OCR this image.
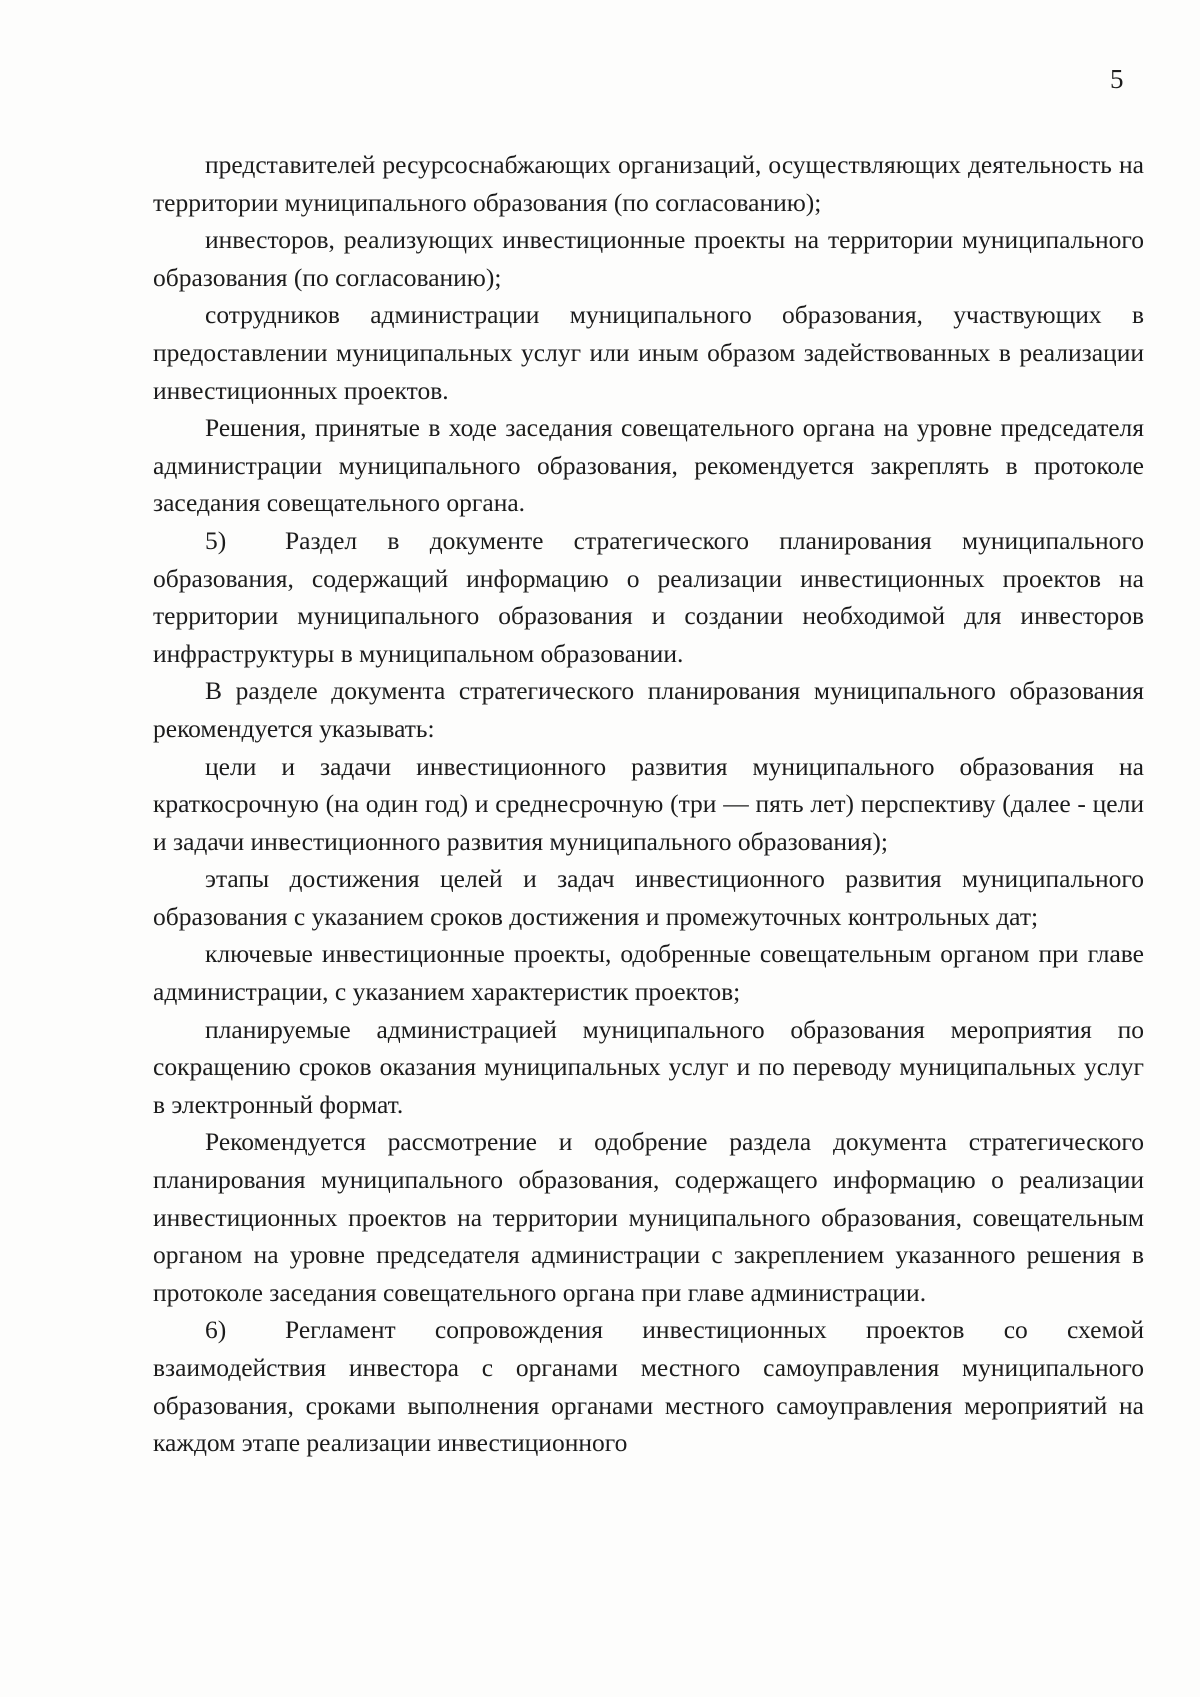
5

представителей ресурсоснабжающих организаций, осуществляющих деятельность на территории муниципального образования (по согласованию);

инвесторов, реализующих инвестиционные проекты на территории муниципального образования (по согласованию);

сотрудников администрации муниципального образования, участвующих в предоставлении муниципальных услуг или иным образом задействованных в реализации инвестиционных проектов.

Решения, принятые в ходе заседания совещательного органа на уровне председателя администрации муниципального образования, рекомендуется закреплять в протоколе заседания совещательного органа.

5) Раздел в документе стратегического планирования муниципального образования, содержащий информацию о реализации инвестиционных проектов на территории муниципального образования и создании необходимой для инвесторов инфраструктуры в муниципальном образовании.

В разделе документа стратегического планирования муниципального образования рекомендуется указывать:

цели и задачи инвестиционного развития муниципального образования на краткосрочную (на один год) и среднесрочную (три — пять лет) перспективу (далее - цели и задачи инвестиционного развития муниципального образования);

этапы достижения целей и задач инвестиционного развития муниципального образования с указанием сроков достижения и промежуточных контрольных дат;

ключевые инвестиционные проекты, одобренные совещательным органом при главе администрации, с указанием характеристик проектов;

планируемые администрацией муниципального образования мероприятия по сокращению сроков оказания муниципальных услуг и по переводу муниципальных услуг в электронный формат.

Рекомендуется рассмотрение и одобрение раздела документа стратегического планирования муниципального образования, содержащего информацию о реализации инвестиционных проектов на территории муниципального образования, совещательным органом на уровне председателя администрации с закреплением указанного решения в протоколе заседания совещательного органа при главе администрации.

6) Регламент сопровождения инвестиционных проектов со схемой взаимодействия инвестора с органами местного самоуправления муниципального образования, сроками выполнения органами местного самоуправления мероприятий на каждом этапе реализации инвестиционного
